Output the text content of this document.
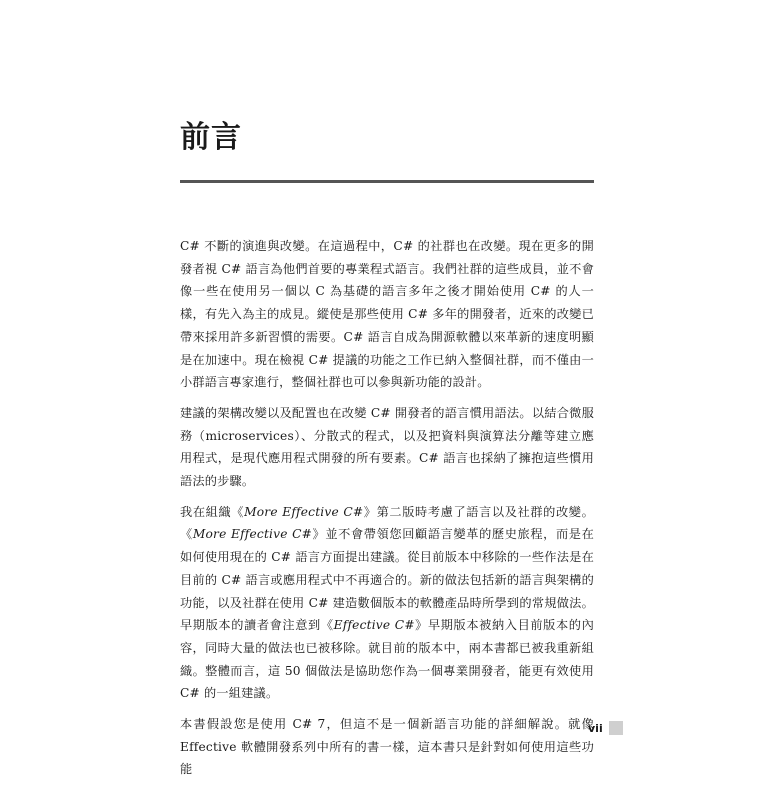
前言

C# 不斷的演進與改變。在這過程中，C# 的社群也在改變。現在更多的開發者視 C# 語言為他們首要的專業程式語言。我們社群的這些成員，並不會像一些在使用另一個以 C 為基礎的語言多年之後才開始使用 C# 的人一樣，有先入為主的成見。縱使是那些使用 C# 多年的開發者，近來的改變已帶來採用許多新習慣的需要。C# 語言自成為開源軟體以來革新的速度明顯是在加速中。現在檢視 C# 提議的功能之工作已納入整個社群，而不僅由一小群語言專家進行，整個社群也可以參與新功能的設計。

建議的架構改變以及配置也在改變 C# 開發者的語言慣用語法。以結合微服務（microservices）、分散式的程式，以及把資料與演算法分離等建立應用程式，是現代應用程式開發的所有要素。C# 語言也採納了擁抱這些慣用語法的步驟。

我在組織《More Effective C#》第二版時考慮了語言以及社群的改變。《More Effective C#》並不會帶領您回顧語言變革的歷史旅程，而是在如何使用現在的 C# 語言方面提出建議。從目前版本中移除的一些作法是在目前的 C# 語言或應用程式中不再適合的。新的做法包括新的語言與架構的功能，以及社群在使用 C# 建造數個版本的軟體產品時所學到的常規做法。早期版本的讀者會注意到《Effective C#》早期版本被納入目前版本的內容，同時大量的做法也已被移除。就目前的版本中，兩本書都已被我重新組織。整體而言，這 50 個做法是協助您作為一個專業開發者，能更有效使用 C# 的一組建議。

本書假設您是使用 C# 7，但這不是一個新語言功能的詳細解說。就像 Effective 軟體開發系列中所有的書一樣，這本書只是針對如何使用這些功能

vii
